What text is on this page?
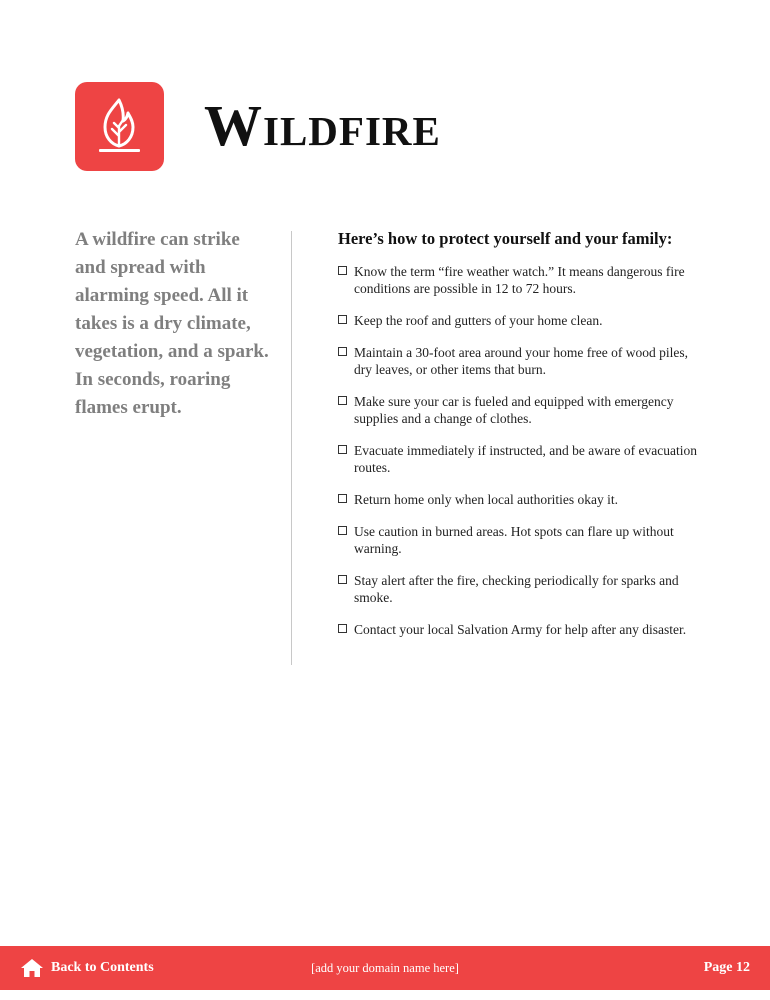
Wildfire

A wildfire can strike and spread with alarming speed. All it takes is a dry climate, vegetation, and a spark. In seconds, roaring flames erupt.

Here’s how to protect yourself and your family:
Know the term “fire weather watch.” It means dangerous fire conditions are possible in 12 to 72 hours.
Keep the roof and gutters of your home clean.
Maintain a 30-foot area around your home free of wood piles, dry leaves, or other items that burn.
Make sure your car is fueled and equipped with emergency supplies and a change of clothes.
Evacuate immediately if instructed, and be aware of evacuation routes.
Return home only when local authorities okay it.
Use caution in burned areas. Hot spots can flare up without warning.
Stay alert after the fire, checking periodically for sparks and smoke.
Contact your local Salvation Army for help after any disaster.
Back to Contents	[add your domain name here]	Page 12
